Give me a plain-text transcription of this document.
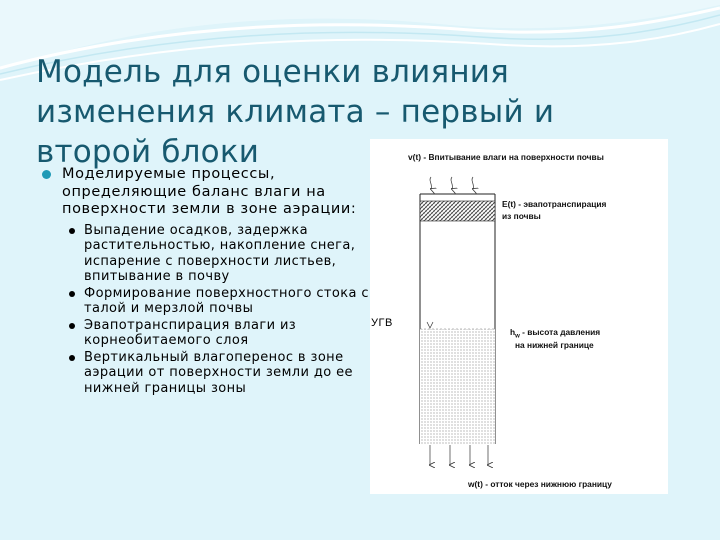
Модель для оценки влияния
изменения климата – первый и
второй блоки
Моделируемые процессы, определяющие баланс влаги на поверхности земли в зоне аэрации:
Выпадение осадков, задержка растительностью, накопление снега, испарение с поверхности листьев, впитывание в почву
Формирование поверхностного стока с талой и мерзлой почвы
Эвапотранспирация влаги из корнеобитаемого слоя
Вертикальный влагоперенос в зоне аэрации от поверхности земли до ее нижней границы зоны
v(t) - Впитывание влаги на поверхности почвы
E(t) - эвапотранспирация
из почвы
$h_w$ - высота давления
на нижней границе
w(t) - отток через нижнюю границу
УГВ
